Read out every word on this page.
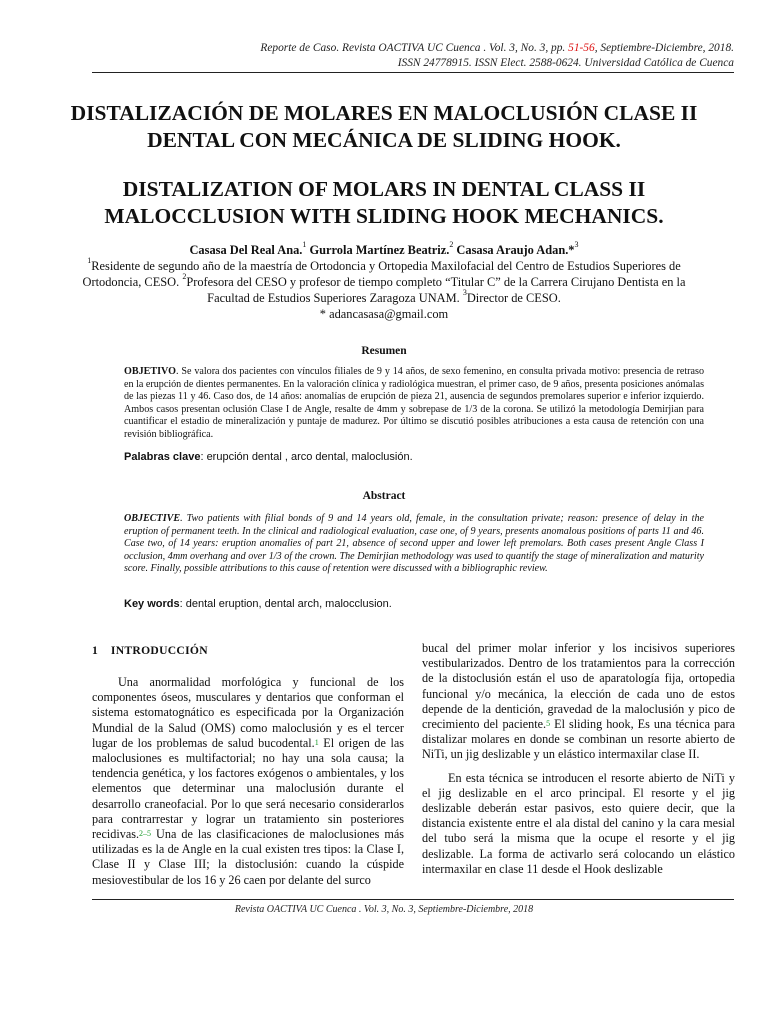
Reporte de Caso. Revista OACTIVA UC Cuenca . Vol. 3, No. 3, pp. 51-56, Septiembre-Diciembre, 2018.
ISSN 24778915. ISSN Elect. 2588-0624. Universidad Católica de Cuenca
DISTALIZACIÓN DE MOLARES EN MALOCLUSIÓN CLASE II DENTAL CON MECÁNICA DE SLIDING HOOK.
DISTALIZATION OF MOLARS IN DENTAL CLASS II MALOCCLUSION WITH SLIDING HOOK MECHANICS.
Casasa Del Real Ana.$^1$ Gurrola Martínez Beatriz.$^2$ Casasa Araujo Adan.*$^3$
$^1$Residente de segundo año de la maestría de Ortodoncia y Ortopedia Maxilofacial del Centro de Estudios Superiores de Ortodoncia, CESO. $^2$Profesora del CESO y profesor de tiempo completo “Titular C” de la Carrera Cirujano Dentista en la Facultad de Estudios Superiores Zaragoza UNAM. $^3$Director de CESO.
* adancasasa@gmail.com
Resumen
OBJETIVO. Se valora dos pacientes con vínculos filiales de 9 y 14 años, de sexo femenino, en consulta privada motivo: presencia de retraso en la erupción de dientes permanentes. En la valoración clínica y radiológica muestran, el primer caso, de 9 años, presenta posiciones anómalas de las piezas 11 y 46. Caso dos, de 14 años: anomalías de erupción de pieza 21, ausencia de segundos premolares superior e inferior izquierdo. Ambos casos presentan oclusión Clase I de Angle, resalte de 4mm y sobrepase de 1/3 de la corona. Se utilizó la metodología Demirjian para cuantificar el estadio de mineralización y puntaje de madurez. Por último se discutió posibles atribuciones a esta causa de retención con una revisión bibliográfica.
Palabras clave: erupción dental , arco dental, maloclusión.
Abstract
OBJECTIVE. Two patients with filial bonds of 9 and 14 years old, female, in the consultation private; reason: presence of delay in the eruption of permanent teeth. In the clinical and radiological evaluation, case one, of 9 years, presents anomalous positions of parts 11 and 46. Case two, of 14 years: eruption anomalies of part 21, absence of second upper and lower left premolars. Both cases present Angle Class I occlusion, 4mm overhang and over 1/3 of the crown. The Demirjian methodology was used to quantify the stage of mineralization and maturity score. Finally, possible attributions to this cause of retention were discussed with a bibliographic review.
Key words: dental eruption, dental arch, malocclusion.
1 INTRODUCCIÓN
Una anormalidad morfológica y funcional de los componentes óseos, musculares y dentarios que conforman el sistema estomatognático es especificada por la Organización Mundial de la Salud (OMS) como maloclusión y es el tercer lugar de los problemas de salud bucodental.$^1$ El origen de las maloclusiones es multifactorial; no hay una sola causa; la tendencia genética, y los factores exógenos o ambientales, y los elementos que determinar una maloclusión durante el desarrollo craneofacial. Por lo que será necesario considerarlos para contrarrestar y lograr un tratamiento sin posteriores recidivas.$^{2-5}$ Una de las clasificaciones de maloclusiones más utilizadas es la de Angle en la cual existen tres tipos: la Clase I, Clase II y Clase III; la distoclusión: cuando la cúspide mesiovestibular de los 16 y 26 caen por delante del surco
bucal del primer molar inferior y los incisivos superiores vestibularizados. Dentro de los tratamientos para la corrección de la distoclusión están el uso de aparatología fija, ortopedia funcional y/o mecánica, la elección de cada uno de estos depende de la dentición, gravedad de la maloclusión y pico de crecimiento del paciente.$^5$ El sliding hook, Es una técnica para distalizar molares en donde se combinan un resorte abierto de NiTi, un jig deslizable y un elástico intermaxilar clase II.
En esta técnica se introducen el resorte abierto de NiTi y el jig deslizable en el arco principal. El resorte y el jig deslizable deberán estar pasivos, esto quiere decir, que la distancia existente entre el ala distal del canino y la cara mesial del tubo será la misma que la ocupe el resorte y el jig deslizable. La forma de activarlo será colocando un elástico intermaxilar en clase 11 desde el Hook deslizable
Revista OACTIVA UC Cuenca . Vol. 3, No. 3, Septiembre-Diciembre, 2018
